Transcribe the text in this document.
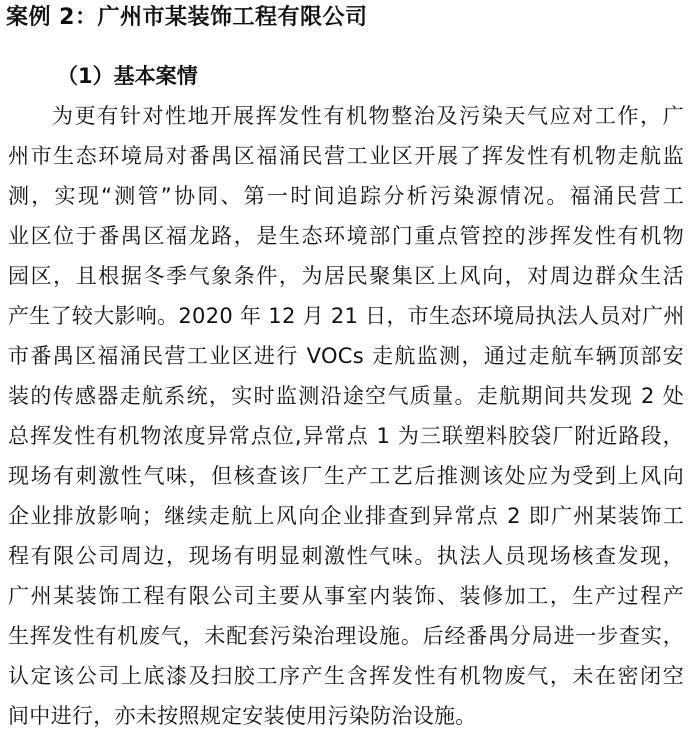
案例 2：广州市某装饰工程有限公司
（1）基本案情
为更有针对性地开展挥发性有机物整治及污染天气应对工作，广
州市生态环境局对番禺区福涌民营工业区开展了挥发性有机物走航监
测，实现“测管”协同、第一时间追踪分析污染源情况。福涌民营工
业区位于番禺区福龙路，是生态环境部门重点管控的涉挥发性有机物
园区，且根据冬季气象条件，为居民聚集区上风向，对周边群众生活
产生了较大影响。2020 年 12 月 21 日，市生态环境局执法人员对广州
市番禺区福涌民营工业区进行 VOCs 走航监测，通过走航车辆顶部安
装的传感器走航系统，实时监测沿途空气质量。走航期间共发现 2 处
总挥发性有机物浓度异常点位,异常点 1 为三联塑料胶袋厂附近路段，
现场有刺激性气味，但核查该厂生产工艺后推测该处应为受到上风向
企业排放影响；继续走航上风向企业排查到异常点 2 即广州某装饰工
程有限公司周边，现场有明显刺激性气味。执法人员现场核查发现，
广州某装饰工程有限公司主要从事室内装饰、装修加工，生产过程产
生挥发性有机废气，未配套污染治理设施。后经番禺分局进一步查实，
认定该公司上底漆及扫胶工序产生含挥发性有机物废气，未在密闭空
间中进行，亦未按照规定安装使用污染防治设施。
